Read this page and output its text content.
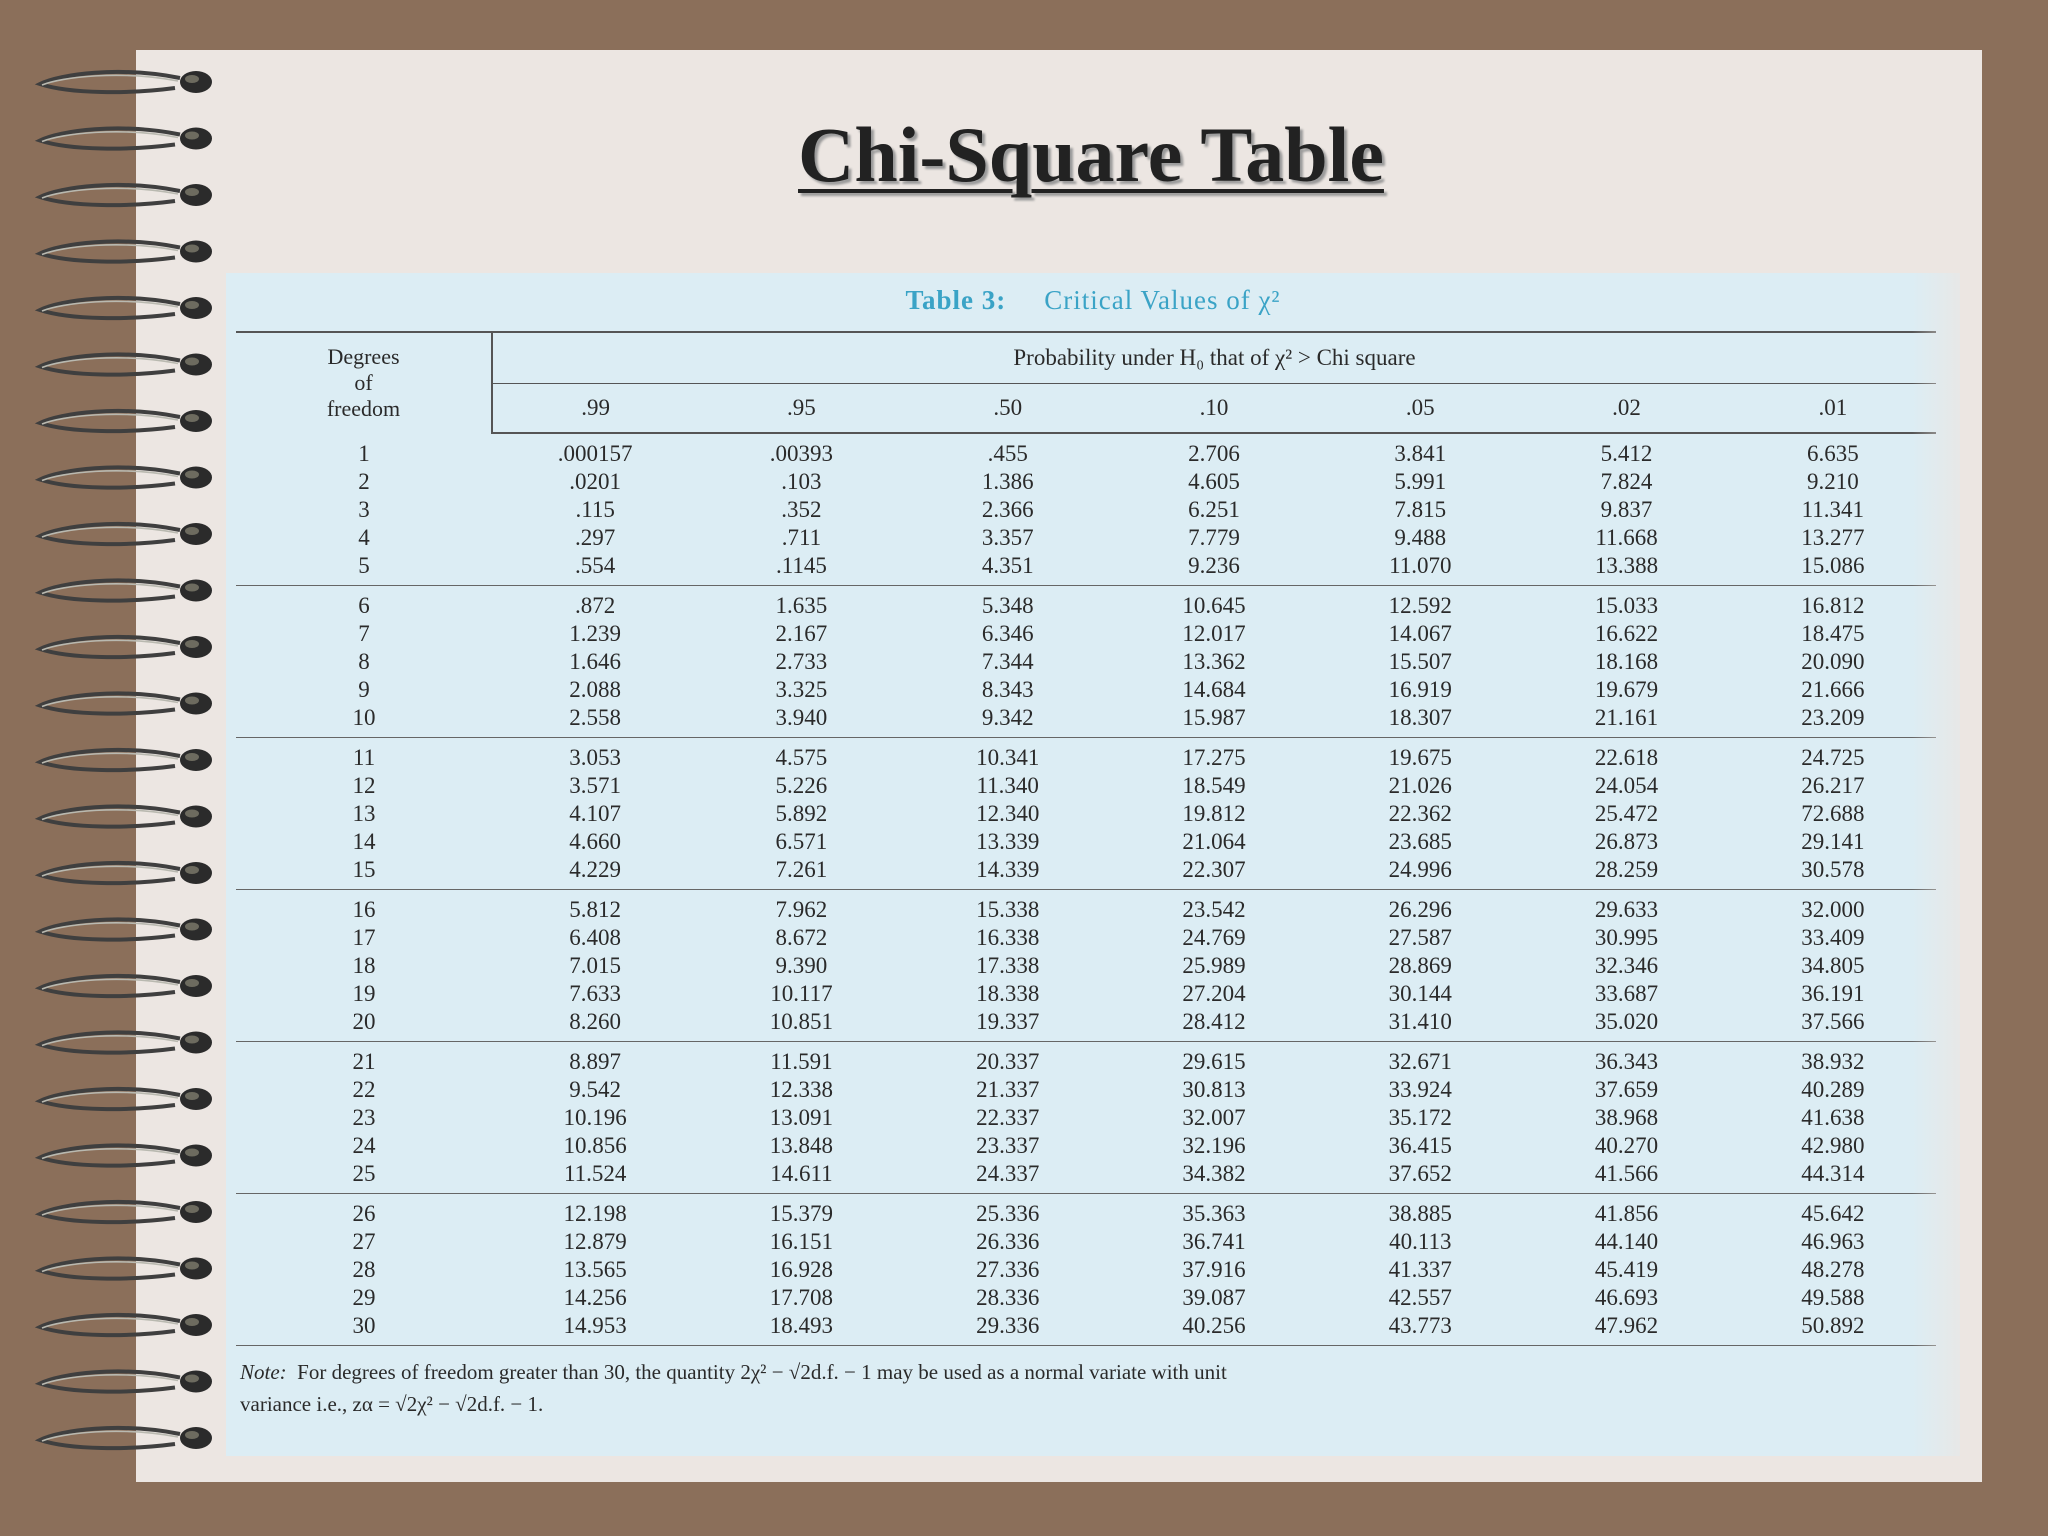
Chi-Square Table
Table 3: Critical Values of χ²
Degrees
of
freedom	Probability under H₀ that of χ² > Chi square						
	.99	.95	.50	.10	.05	.02	.01
1	.000157	.00393	.455	2.706	3.841	5.412	6.635
2	.0201	.103	1.386	4.605	5.991	7.824	9.210
3	.115	.352	2.366	6.251	7.815	9.837	11.341
4	.297	.711	3.357	7.779	9.488	11.668	13.277
5	.554	.1145	4.351	9.236	11.070	13.388	15.086
6	.872	1.635	5.348	10.645	12.592	15.033	16.812
7	1.239	2.167	6.346	12.017	14.067	16.622	18.475
8	1.646	2.733	7.344	13.362	15.507	18.168	20.090
9	2.088	3.325	8.343	14.684	16.919	19.679	21.666
10	2.558	3.940	9.342	15.987	18.307	21.161	23.209
11	3.053	4.575	10.341	17.275	19.675	22.618	24.725
12	3.571	5.226	11.340	18.549	21.026	24.054	26.217
13	4.107	5.892	12.340	19.812	22.362	25.472	72.688
14	4.660	6.571	13.339	21.064	23.685	26.873	29.141
15	4.229	7.261	14.339	22.307	24.996	28.259	30.578
16	5.812	7.962	15.338	23.542	26.296	29.633	32.000
17	6.408	8.672	16.338	24.769	27.587	30.995	33.409
18	7.015	9.390	17.338	25.989	28.869	32.346	34.805
19	7.633	10.117	18.338	27.204	30.144	33.687	36.191
20	8.260	10.851	19.337	28.412	31.410	35.020	37.566
21	8.897	11.591	20.337	29.615	32.671	36.343	38.932
22	9.542	12.338	21.337	30.813	33.924	37.659	40.289
23	10.196	13.091	22.337	32.007	35.172	38.968	41.638
24	10.856	13.848	23.337	32.196	36.415	40.270	42.980
25	11.524	14.611	24.337	34.382	37.652	41.566	44.314
26	12.198	15.379	25.336	35.363	38.885	41.856	45.642
27	12.879	16.151	26.336	36.741	40.113	44.140	46.963
28	13.565	16.928	27.336	37.916	41.337	45.419	48.278
29	14.256	17.708	28.336	39.087	42.557	46.693	49.588
30	14.953	18.493	29.336	40.256	43.773	47.962	50.892
Note: For degrees of freedom greater than 30, the quantity 2χ² − √2d.f. − 1 may be used as a normal variate with unit
variance i.e., zα = √2χ² − √2d.f. − 1.
